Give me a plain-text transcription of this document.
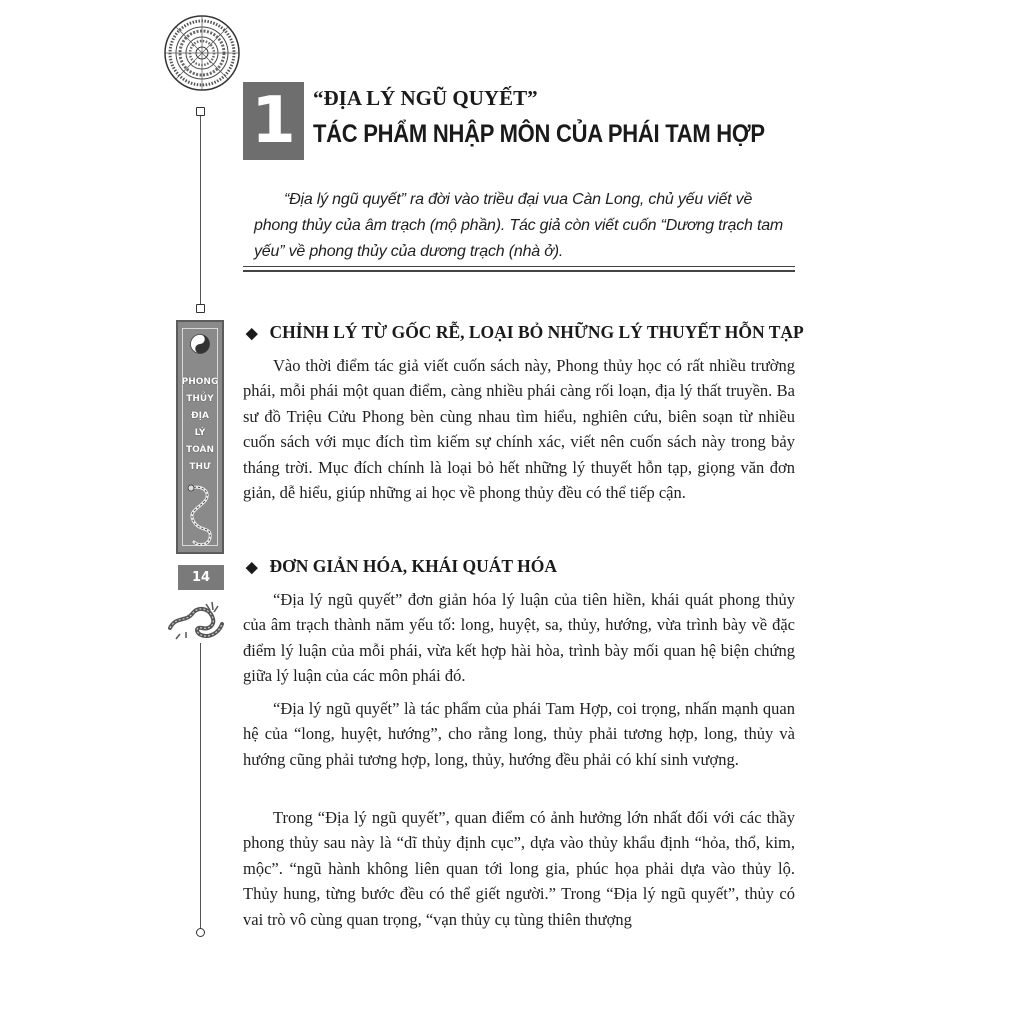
PHONG
THỦY
ĐỊA
LÝ
TOÀN
THƯ
14
1 “ĐỊA LÝ NGŨ QUYẾT”
TÁC PHẨM NHẬP MÔN CỦA PHÁI TAM HỢP

“Địa lý ngũ quyết” ra đời vào triều đại vua Càn Long, chủ yếu viết về phong thủy của âm trạch (mộ phần). Tác giả còn viết cuốn “Dương trạch tam yếu” về phong thủy của dương trạch (nhà ở).

◆ CHỈNH LÝ TỪ GỐC RỄ, LOẠI BỎ NHỮNG LÝ THUYẾT HỖN TẠP

Vào thời điểm tác giả viết cuốn sách này, Phong thủy học có rất nhiều trường phái, mỗi phái một quan điểm, càng nhiều phái càng rối loạn, địa lý thất truyền. Ba sư đồ Triệu Cửu Phong bèn cùng nhau tìm hiểu, nghiên cứu, biên soạn từ nhiều cuốn sách với mục đích tìm kiếm sự chính xác, viết nên cuốn sách này trong bảy tháng trời. Mục đích chính là loại bỏ hết những lý thuyết hỗn tạp, giọng văn đơn giản, dễ hiểu, giúp những ai học về phong thủy đều có thể tiếp cận.

◆ ĐƠN GIẢN HÓA, KHÁI QUÁT HÓA

“Địa lý ngũ quyết” đơn giản hóa lý luận của tiên hiền, khái quát phong thủy của âm trạch thành năm yếu tố: long, huyệt, sa, thủy, hướng, vừa trình bày về đặc điểm lý luận của mỗi phái, vừa kết hợp hài hòa, trình bày mối quan hệ biện chứng giữa lý luận của các môn phái đó.

“Địa lý ngũ quyết” là tác phẩm của phái Tam Hợp, coi trọng, nhấn mạnh quan hệ của “long, huyệt, hướng”, cho rằng long, thủy phải tương hợp, long, thủy và hướng cũng phải tương hợp, long, thủy, hướng đều phải có khí sinh vượng.

Trong “Địa lý ngũ quyết”, quan điểm có ảnh hưởng lớn nhất đối với các thầy phong thủy sau này là “dĩ thủy định cục”, dựa vào thủy khẩu định “hỏa, thổ, kim, mộc”. “ngũ hành không liên quan tới long gia, phúc họa phải dựa vào thủy lộ. Thủy hung, từng bước đều có thể giết người.” Trong “Địa lý ngũ quyết”, thủy có vai trò vô cùng quan trọng, “vạn thủy cụ tùng thiên thượng
